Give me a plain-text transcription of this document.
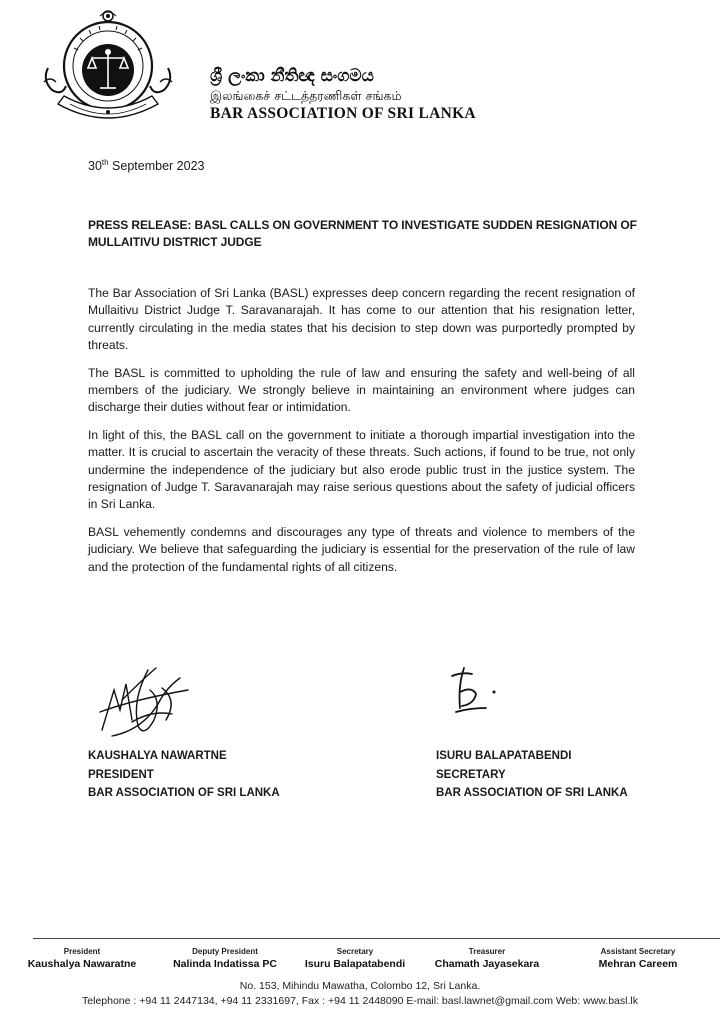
ශ්‍රී ලංකා නීතිඥ සංගමය
இலங்கைச் சட்டத்தரணிகள் சங்கம்
BAR ASSOCIATION OF SRI LANKA
30th September 2023
PRESS RELEASE: BASL CALLS ON GOVERNMENT TO INVESTIGATE SUDDEN RESIGNATION OF MULLAITIVU DISTRICT JUDGE

The Bar Association of Sri Lanka (BASL) expresses deep concern regarding the recent resignation of Mullaitivu District Judge T. Saravanarajah. It has come to our attention that his resignation letter, currently circulating in the media states that his decision to step down was purportedly prompted by threats.

The BASL is committed to upholding the rule of law and ensuring the safety and well-being of all members of the judiciary. We strongly believe in maintaining an environment where judges can discharge their duties without fear or intimidation.

In light of this, the BASL call on the government to initiate a thorough impartial investigation into the matter. It is crucial to ascertain the veracity of these threats. Such actions, if found to be true, not only undermine the independence of the judiciary but also erode public trust in the justice system. The resignation of Judge T. Saravanarajah may raise serious questions about the safety of judicial officers in Sri Lanka.

BASL vehemently condemns and discourages any type of threats and violence to members of the judiciary. We believe that safeguarding the judiciary is essential for the preservation of the rule of law and the protection of the fundamental rights of all citizens.

KAUSHALYA NAWARTNE
PRESIDENT
BAR ASSOCIATION OF SRI LANKA
ISURU BALAPATABENDI
SECRETARY
BAR ASSOCIATION OF SRI LANKA
President
Kaushalya Nawaratne
Deputy President
Nalinda Indatissa PC
Secretary
Isuru Balapatabendi
Treasurer
Chamath Jayasekara
Assistant Secretary
Mehran Careem
No. 153, Mihindu Mawatha, Colombo 12, Sri Lanka.
Telephone : +94 11 2447134, +94 11 2331697, Fax : +94 11 2448090 E-mail: basl.lawnet@gmail.com Web: www.basl.lk
